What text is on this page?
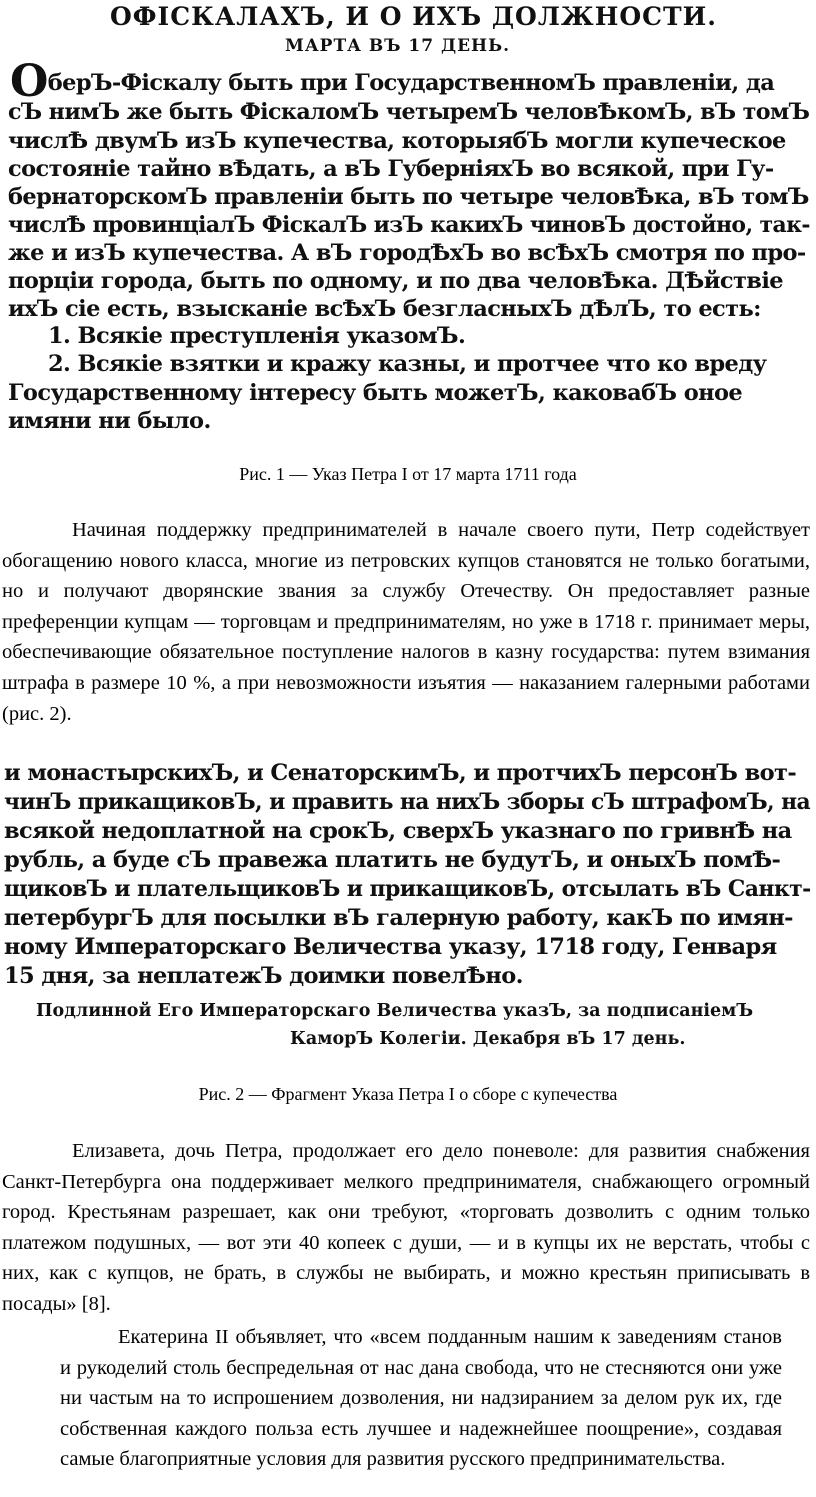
ОФІСКАЛАХЪ, И О ИХЪ ДОЛЖНОСТИ.
МАРТА ВЪ 17 ДЕНЬ.
ОберЪ-Фіскалу быть при ГосударственномЪ правленіи, да
сЪ нимЪ же быть ФіскаломЪ четыремЪ человѢкомЪ, вЪ томЪ
числѢ двумЪ изЪ купечества, которыябЪ могли купеческое
состояніе тайно вѢдать, а вЪ ГуберніяхЪ во всякой, при Гу-
бернаторскомЪ правленіи быть по четыре человѢка, вЪ томЪ
числѢ провинціалЪ ФіскалЪ изЪ какихЪ чиновЪ достойно, так-
же и изЪ купечества. А вЪ городѢхЪ во всѢхЪ смотря по про-
порціи города, быть по одному, и по два человѢка. ДѢйствіе
ихЪ сіе есть, взысканіе всѢхЪ безгласныхЪ дѢлЪ, то есть:
1. Всякіе преступленія указомЪ.
2. Всякіе взятки и кражу казны, и протчее что ко вреду
Государственному інтересу быть можетЪ, каковабЪ оное
имяни ни было.
Рис. 1 — Указ Петра I от 17 марта 1711 года

Начиная поддержку предпринимателей в начале своего пути, Петр содействует обогащению нового класса, многие из петровских купцов становятся не только богатыми, но и получают дворянские звания за службу Отечеству. Он предоставляет разные преференции купцам — торговцам и предпринимателям, но уже в 1718 г. принимает меры, обеспечивающие обязательное поступление налогов в казну государства: путем взимания штрафа в размере 10 %, а при невозможности изъятия — наказанием галерными работами (рис. 2).

и монастырскихЪ, и СенаторскимЪ, и протчихЪ персонЪ вот-
чинЪ прикащиковЪ, и править на нихЪ зборы сЪ штрафомЪ, на
всякой недоплатной на срокЪ, сверхЪ указнаго по гривнѢ на
рубль, а буде сЪ правежа платить не будутЪ, и оныхЪ помѢ-
щиковЪ и плательщиковЪ и прикащиковЪ, отсылать вЪ Санкт-
петербургЪ для посылки вЪ галерную работу, какЪ по имян-
ному Императорскаго Величества указу, 1718 году, Генваря
15 дня, за неплатежЪ доимки повелѢно.
Подлинной Его Императорскаго Величества указЪ, за подписаніемЪ
КаморЪ Колегіи. Декабря вЪ 17 день.
Рис. 2 — Фрагмент Указа Петра I о сборе с купечества

Елизавета, дочь Петра, продолжает его дело поневоле: для развития снабжения Санкт-Петербурга она поддерживает мелкого предпринимателя, снабжающего огромный город. Крестьянам разрешает, как они требуют, «торговать дозволить с одним только платежом подушных, — вот эти 40 копеек с души, — и в купцы их не верстать, чтобы с них, как с купцов, не брать, в службы не выбирать, и можно крестьян приписывать в посады» [8].

Екатерина II объявляет, что «всем подданным нашим к заведениям станов и рукоделий столь беспредельная от нас дана свобода, что не стесняются они уже ни частым на то испрошением дозволения, ни надзиранием за делом рук их, где собственная каждого польза есть лучшее и надежнейшее поощрение», создавая самые благоприятные условия для развития русского предпринимательства.
